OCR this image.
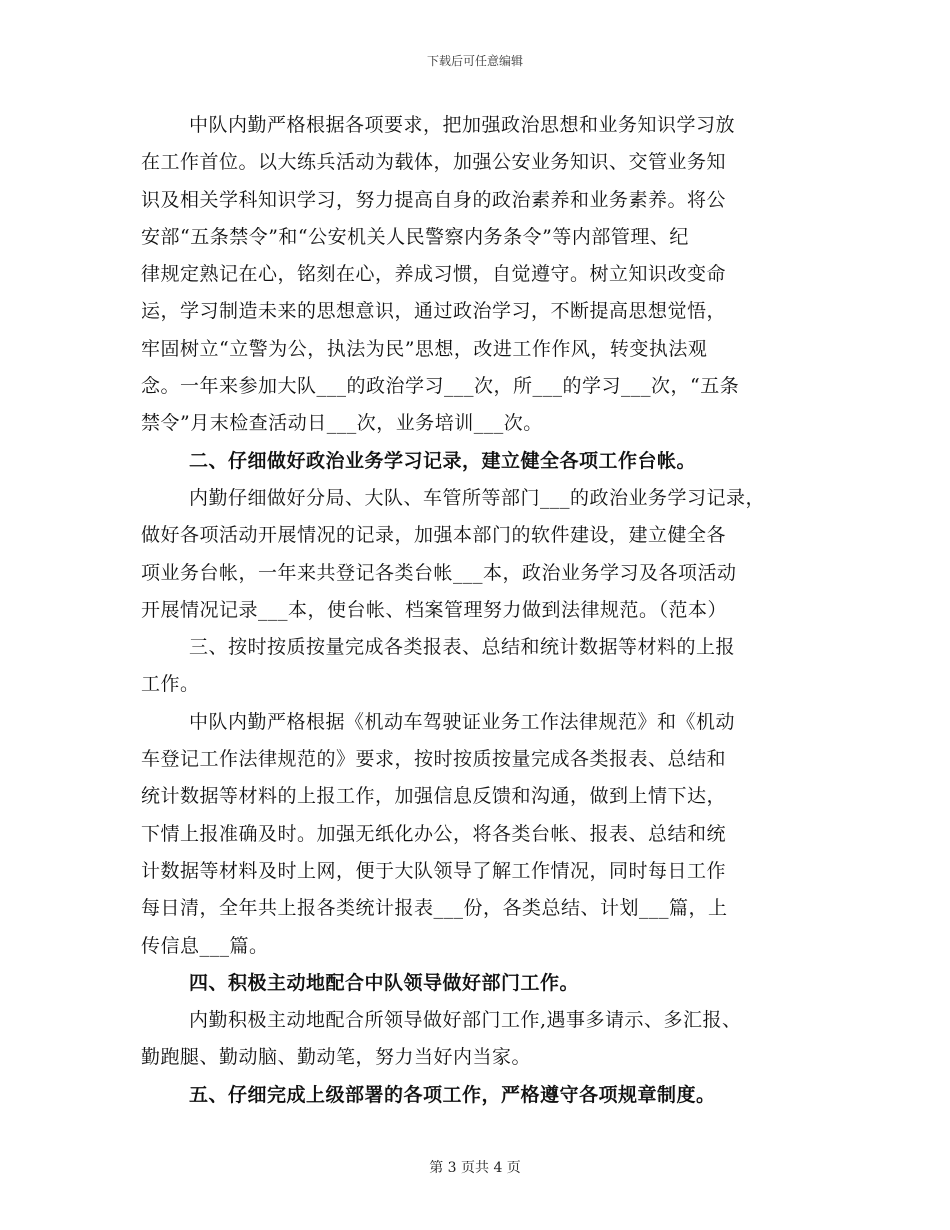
下载后可任意编辑
中队内勤严格根据各项要求，把加强政治思想和业务知识学习放
在工作首位。以大练兵活动为载体，加强公安业务知识、交管业务知
识及相关学科知识学习，努力提高自身的政治素养和业务素养。将公
安部“五条禁令”和“公安机关人民警察内务条令”等内部管理、纪
律规定熟记在心，铭刻在心，养成习惯，自觉遵守。树立知识改变命
运，学习制造未来的思想意识，通过政治学习，不断提高思想觉悟，
牢固树立“立警为公，执法为民”思想，改进工作作风，转变执法观
念。一年来参加大队___的政治学习___次，所___的学习___次，“五条
禁令”月末检查活动日___次，业务培训___次。
二、仔细做好政治业务学习记录，建立健全各项工作台帐。
内勤仔细做好分局、大队、车管所等部门___的政治业务学习记录，
做好各项活动开展情况的记录，加强本部门的软件建设，建立健全各
项业务台帐，一年来共登记各类台帐___本，政治业务学习及各项活动
开展情况记录___本，使台帐、档案管理努力做到法律规范。（范本）
三、按时按质按量完成各类报表、总结和统计数据等材料的上报
工作。
中队内勤严格根据《机动车驾驶证业务工作法律规范》和《机动
车登记工作法律规范的》要求，按时按质按量完成各类报表、总结和
统计数据等材料的上报工作，加强信息反馈和沟通，做到上情下达，
下情上报准确及时。加强无纸化办公，将各类台帐、报表、总结和统
计数据等材料及时上网，便于大队领导了解工作情况，同时每日工作
每日清，全年共上报各类统计报表___份，各类总结、计划___篇，上
传信息___篇。
四、积极主动地配合中队领导做好部门工作。
内勤积极主动地配合所领导做好部门工作,遇事多请示、多汇报、
勤跑腿、勤动脑、勤动笔，努力当好内当家。
五、仔细完成上级部署的各项工作，严格遵守各项规章制度。
第 3 页共 4 页
